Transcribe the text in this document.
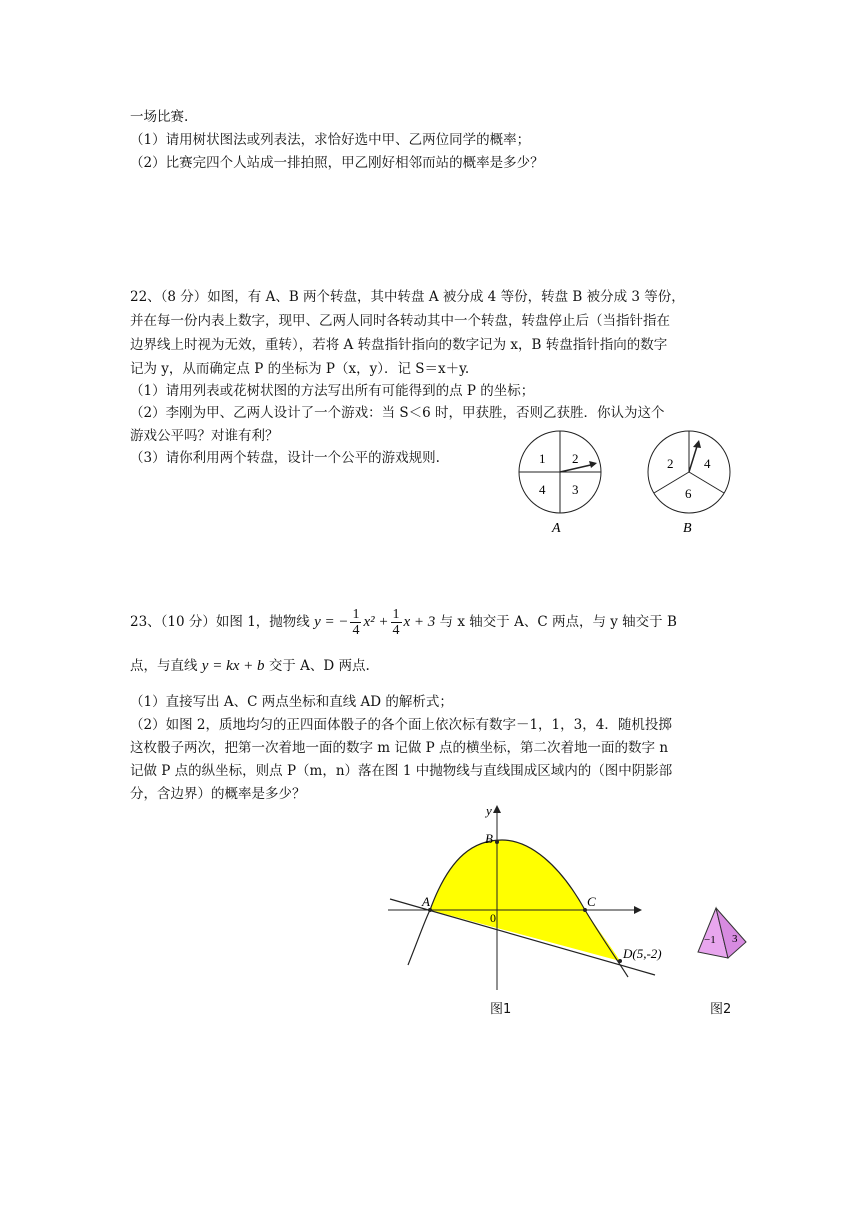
一场比赛.
（1）请用树状图法或列表法，求恰好选中甲、乙两位同学的概率；
（2）比赛完四个人站成一排拍照，甲乙刚好相邻而站的概率是多少？
22、（8 分）如图，有 A、B 两个转盘，其中转盘 A 被分成 4 等份，转盘 B 被分成 3 等份，
并在每一份内表上数字，现甲、乙两人同时各转动其中一个转盘，转盘停止后（当指针指在
边界线上时视为无效，重转），若将 A 转盘指针指向的数字记为 x，B 转盘指针指向的数字
记为 y，从而确定点 P 的坐标为 P（x，y）．记 S＝x＋y.
（1）请用列表或花树状图的方法写出所有可能得到的点 P 的坐标；
（2）李刚为甲、乙两人设计了一个游戏：当 S＜6 时，甲获胜，否则乙获胜．你认为这个
游戏公平吗？对谁有利？
（3）请你利用两个转盘，设计一个公平的游戏规则.	1 2
4 3
A
2 4
6
B
23、（10 分）如图 1，抛物线 y = − $\frac{1}{4} x^2 + \frac{1}{4}$ x + 3 与 x 轴交于 A、C 两点，与 y 轴交于 B
点，与直线 y = kx + b 交于 A、D 两点.
（1）直接写出 A、C 两点坐标和直线 AD 的解析式；
（2）如图 2，质地均匀的正四面体骰子的各个面上依次标有数字－1，1，3，4．随机投掷
这枚骰子两次，把第一次着地一面的数字 m 记做 P 点的横坐标，第二次着地一面的数字 n
记做 P 点的纵坐标，则点 P（m，n）落在图 1 中抛物线与直线围成区域内的（图中阴影部
分，含边界）的概率是多少？
y
B
A	C
0
D(5,-2)
图1
−1 3
图2
